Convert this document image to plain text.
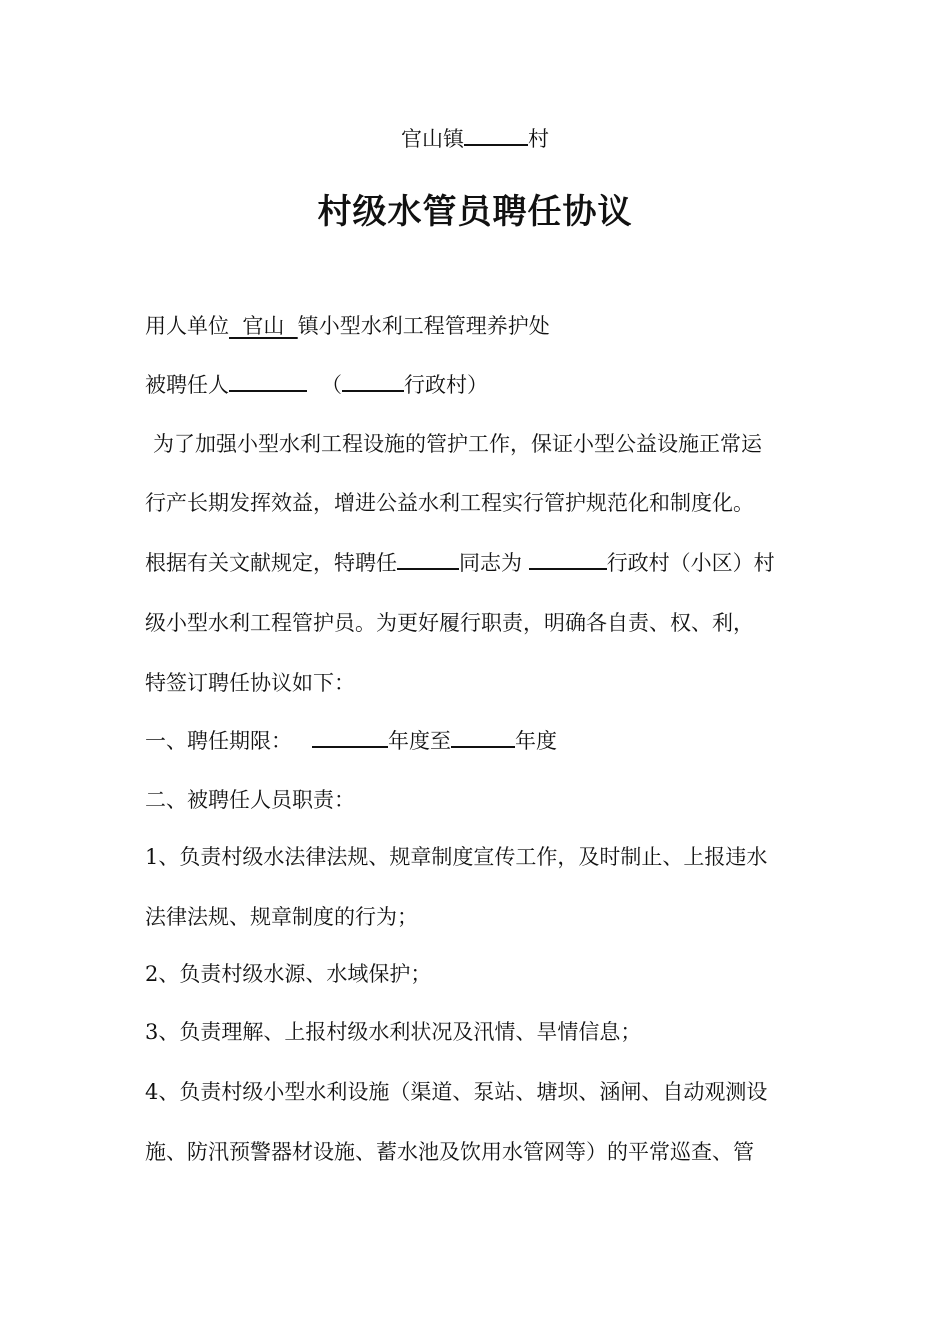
官山镇	村
村级水管员聘任协议
用人单位  官山  镇小型水利工程管理养护处
被聘任人	（	行政村）
为了加强小型水利工程设施的管护工作，保证小型公益设施正常运
行产长期发挥效益，增进公益水利工程实行管护规范化和制度化。
根据有关文献规定，特聘任	同志为	行政村（小区）村
级小型水利工程管护员。为更好履行职责，明确各自责、权、利，
特签订聘任协议如下：
一、聘任期限：	年度至	年度
二、被聘任人员职责：
1、负责村级水法律法规、规章制度宣传工作，及时制止、上报违水
法律法规、规章制度的行为；
2、负责村级水源、水域保护；
3、负责理解、上报村级水利状况及汛情、旱情信息；
4、负责村级小型水利设施（渠道、泵站、塘坝、涵闸、自动观测设
施、防汛预警器材设施、蓄水池及饮用水管网等）的平常巡查、管
